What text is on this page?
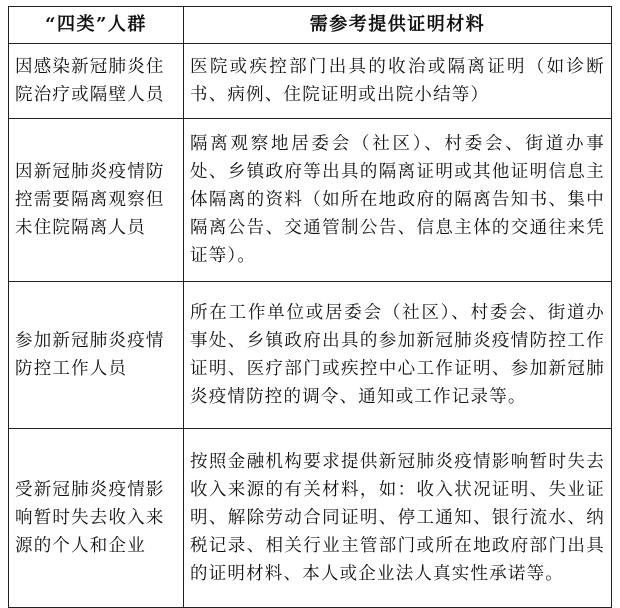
“四类”人群	需参考提供证明材料
因感染新冠肺炎住院治疗或隔壁人员	医院或疾控部门出具的收治或隔离证明（如诊断书、病例、住院证明或出院小结等）
因新冠肺炎疫情防控需要隔离观察但未住院隔离人员	隔离观察地居委会（社区）、村委会、街道办事处、乡镇政府等出具的隔离证明或其他证明信息主体隔离的资料（如所在地政府的隔离告知书、集中隔离公告、交通管制公告、信息主体的交通往来凭证等）。
参加新冠肺炎疫情防控工作人员	所在工作单位或居委会（社区）、村委会、街道办事处、乡镇政府出具的参加新冠肺炎疫情防控工作证明、医疗部门或疾控中心工作证明、参加新冠肺炎疫情防控的调令、通知或工作记录等。
受新冠肺炎疫情影响暂时失去收入来源的个人和企业	按照金融机构要求提供新冠肺炎疫情影响暂时失去收入来源的有关材料，如：收入状况证明、失业证明、解除劳动合同证明、停工通知、银行流水、纳税记录、相关行业主管部门或所在地政府部门出具的证明材料、本人或企业法人真实性承诺等。
